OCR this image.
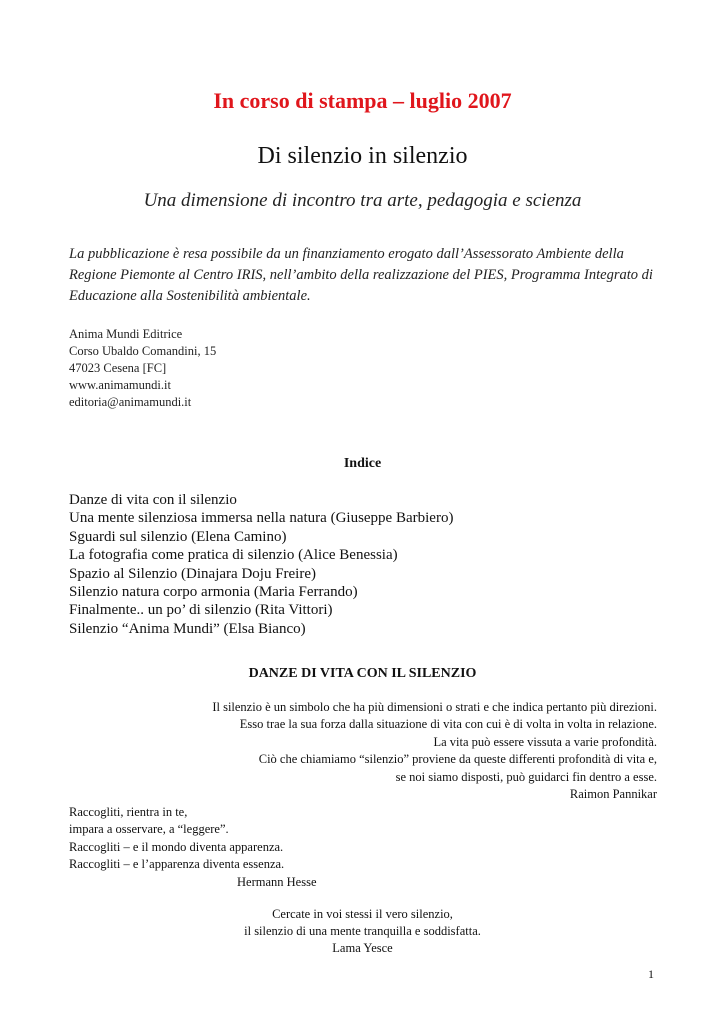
In corso di stampa – luglio 2007
Di silenzio in silenzio
Una dimensione di incontro tra arte, pedagogia e scienza
La pubblicazione è resa possibile da un finanziamento erogato dall’Assessorato Ambiente della
Regione Piemonte al Centro IRIS, nell’ambito della realizzazione del PIES, Programma Integrato di
Educazione alla Sostenibilità ambientale.
Anima Mundi Editrice
Corso Ubaldo Comandini, 15
47023 Cesena [FC]
www.animamundi.it
editoria@animamundi.it
Indice
Danze di vita con il silenzio
Una mente silenziosa immersa nella natura (Giuseppe Barbiero)
Sguardi sul silenzio (Elena Camino)
La fotografia come pratica di silenzio (Alice Benessia)
Spazio al Silenzio (Dinajara Doju Freire)
Silenzio natura corpo armonia (Maria Ferrando)
Finalmente.. un po’ di silenzio (Rita Vittori)
Silenzio “Anima Mundi” (Elsa Bianco)
DANZE DI VITA CON IL SILENZIO
Il silenzio è un simbolo che ha più dimensioni o strati e che indica pertanto più direzioni.
Esso trae la sua forza dalla situazione di vita con cui è di volta in volta in relazione.
La vita può essere vissuta a varie profondità.
Ciò che chiamiamo “silenzio” proviene da queste differenti profondità di vita e,
se noi siamo disposti, può guidarci fin dentro a esse.
Raimon Pannikar
Raccogliti, rientra in te,
impara a osservare, a “leggere”.
Raccogliti – e il mondo diventa apparenza.
Raccogliti – e l’apparenza diventa essenza.
Hermann Hesse
Cercate in voi stessi il vero silenzio,
il silenzio di una mente tranquilla e soddisfatta.
Lama Yesce
1
